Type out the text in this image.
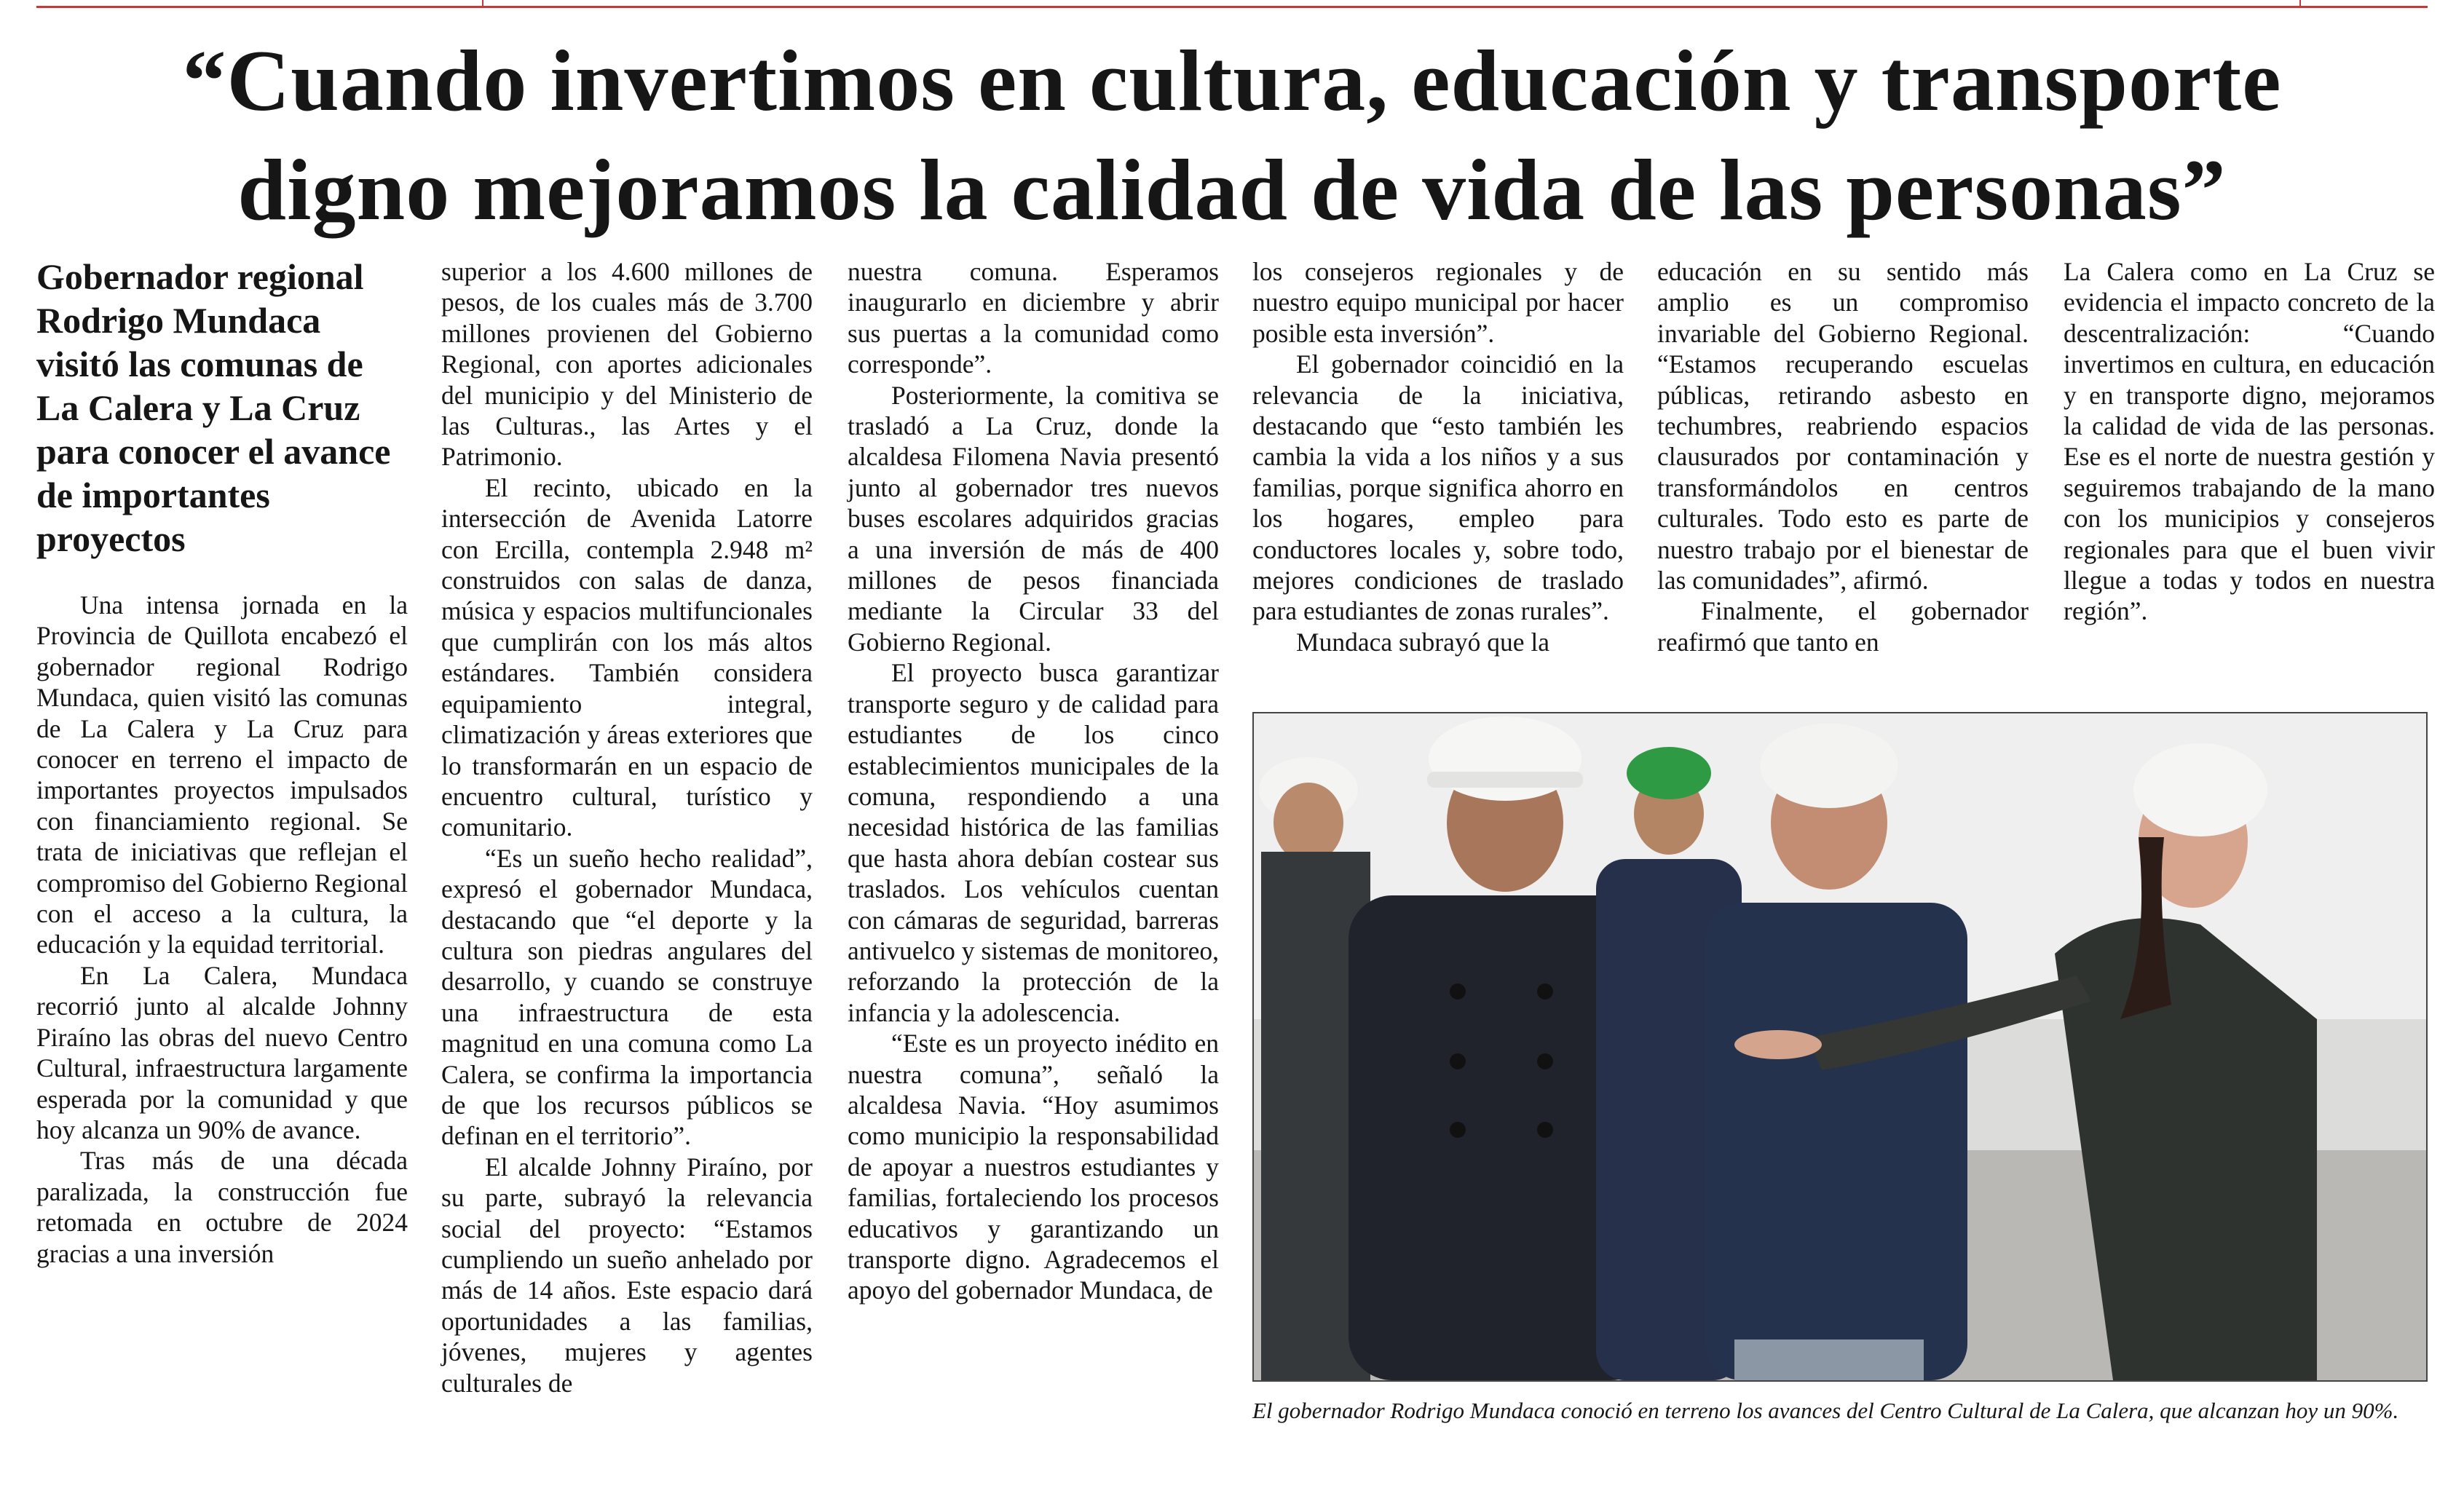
“Cuando invertimos en cultura, educación y transporte
digno mejoramos la calidad de vida de las personas”
Gobernador regional Rodrigo Mundaca visitó las comunas de La Calera y La Cruz para conocer el avance de importantes proyectos

Una intensa jornada en la Provincia de Quillota encabezó el gobernador regional Rodrigo Mundaca, quien visitó las comunas de La Calera y La Cruz para conocer en terreno el impacto de importantes proyectos impulsados con financiamiento regional. Se trata de iniciativas que reflejan el compromiso del Gobierno Regional con el acceso a la cultura, la educación y la equidad territorial.

En La Calera, Mundaca recorrió junto al alcalde Johnny Piraíno las obras del nuevo Centro Cultural, infraestructura largamente esperada por la comunidad y que hoy alcanza un 90% de avance.

Tras más de una década paralizada, la construcción fue retomada en octubre de 2024 gracias a una inversión

superior a los 4.600 millones de pesos, de los cuales más de 3.700 millones provienen del Gobierno Regional, con aportes adicionales del municipio y del Ministerio de las Culturas., las Artes y el Patrimonio.

El recinto, ubicado en la intersección de Avenida Latorre con Ercilla, contempla 2.948 m² construidos con salas de danza, música y espacios multifuncionales que cumplirán con los más altos estándares. También considera equipamiento integral, climatización y áreas exteriores que lo transformarán en un espacio de encuentro cultural, turístico y comunitario.

“Es un sueño hecho realidad”, expresó el gobernador Mundaca, destacando que “el deporte y la cultura son piedras angulares del desarrollo, y cuando se construye una infraestructura de esta magnitud en una comuna como La Calera, se confirma la importancia de que los recursos públicos se definan en el territorio”.

El alcalde Johnny Piraíno, por su parte, subrayó la relevancia social del proyecto: “Estamos cumpliendo un sueño anhelado por más de 14 años. Este espacio dará oportunidades a las familias, jóvenes, mujeres y agentes culturales de

nuestra comuna. Esperamos inaugurarlo en diciembre y abrir sus puertas a la comunidad como corresponde”.

Posteriormente, la comitiva se trasladó a La Cruz, donde la alcaldesa Filomena Navia presentó junto al gobernador tres nuevos buses escolares adquiridos gracias a una inversión de más de 400 millones de pesos financiada mediante la Circular 33 del Gobierno Regional.

El proyecto busca garantizar transporte seguro y de calidad para estudiantes de los cinco establecimientos municipales de la comuna, respondiendo a una necesidad histórica de las familias que hasta ahora debían costear sus traslados. Los vehículos cuentan con cámaras de seguridad, barreras antivuelco y sistemas de monitoreo, reforzando la protección de la infancia y la adolescencia.

“Este es un proyecto inédito en nuestra comuna”, señaló la alcaldesa Navia. “Hoy asumimos como municipio la responsabilidad de apoyar a nuestros estudiantes y familias, fortaleciendo los procesos educativos y garantizando un transporte digno. Agradecemos el apoyo del gobernador Mundaca, de

los consejeros regionales y de nuestro equipo municipal por hacer posible esta inversión”.

El gobernador coincidió en la relevancia de la iniciativa, destacando que “esto también les cambia la vida a los niños y a sus familias, porque significa ahorro en los hogares, empleo para conductores locales y, sobre todo, mejores condiciones de traslado para estudiantes de zonas rurales”.

Mundaca subrayó que la

educación en su sentido más amplio es un compromiso invariable del Gobierno Regional. “Estamos recuperando escuelas públicas, retirando asbesto en techumbres, reabriendo espacios clausurados por contaminación y transformándolos en centros culturales. Todo esto es parte de nuestro trabajo por el bienestar de las comunidades”, afirmó.

Finalmente, el gobernador reafirmó que tanto en

La Calera como en La Cruz se evidencia el impacto concreto de la descentralización: “Cuando invertimos en cultura, en educación y en transporte digno, mejoramos la calidad de vida de las personas. Ese es el norte de nuestra gestión y seguiremos trabajando de la mano con los municipios y consejeros regionales para que el buen vivir llegue a todas y todos en nuestra región”.

El gobernador Rodrigo Mundaca conoció en terreno los avances del Centro Cultural de La Calera, que alcanzan hoy un 90%.
